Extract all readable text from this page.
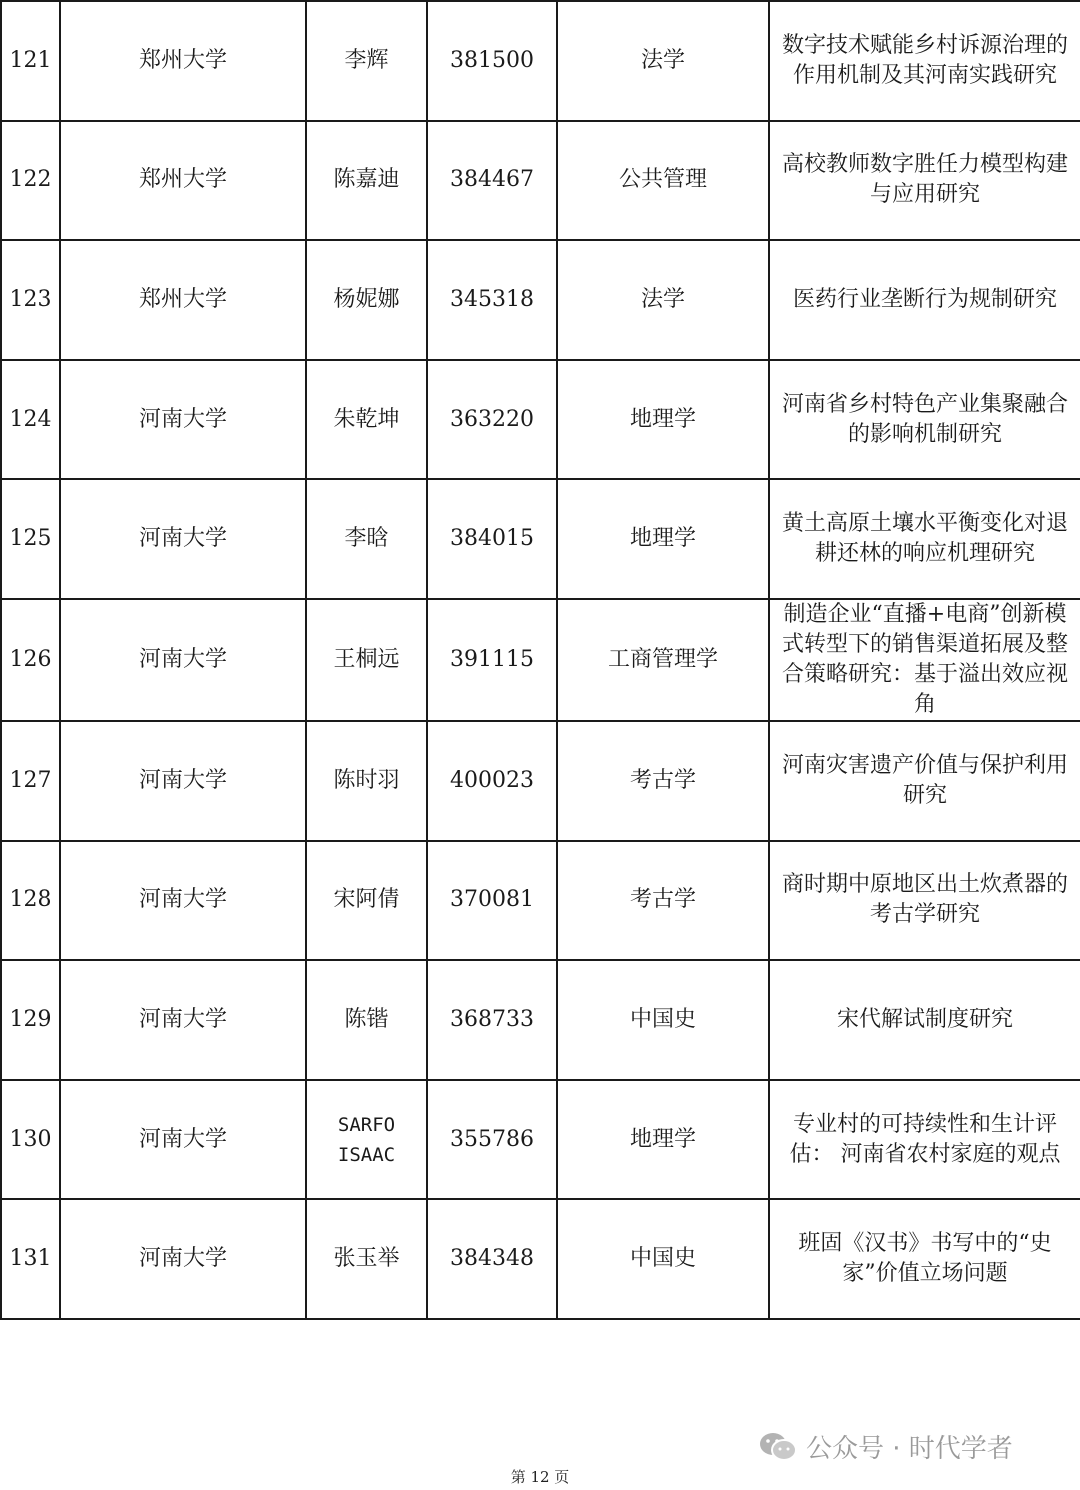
121	郑州大学	李辉	381500	法学	数字技术赋能乡村诉源治理的作用机制及其河南实践研究
122	郑州大学	陈嘉迪	384467	公共管理	高校教师数字胜任力模型构建与应用研究
123	郑州大学	杨妮娜	345318	法学	医药行业垄断行为规制研究
124	河南大学	朱乾坤	363220	地理学	河南省乡村特色产业集聚融合的影响机制研究
125	河南大学	李晗	384015	地理学	黄土高原土壤水平衡变化对退耕还林的响应机理研究
126	河南大学	王桐远	391115	工商管理学	制造企业“直播+电商”创新模式转型下的销售渠道拓展及整合策略研究：基于溢出效应视角
127	河南大学	陈时羽	400023	考古学	河南灾害遗产价值与保护利用研究
128	河南大学	宋阿倩	370081	考古学	商时期中原地区出土炊煮器的考古学研究
129	河南大学	陈锴	368733	中国史	宋代解试制度研究
130	河南大学	SARFO ISAAC	355786	地理学	专业村的可持续性和生计评估： 河南省农村家庭的观点
131	河南大学	张玉举	384348	中国史	班固《汉书》书写中的“史家”价值立场问题
公众号 · 时代学者
第 12 页
